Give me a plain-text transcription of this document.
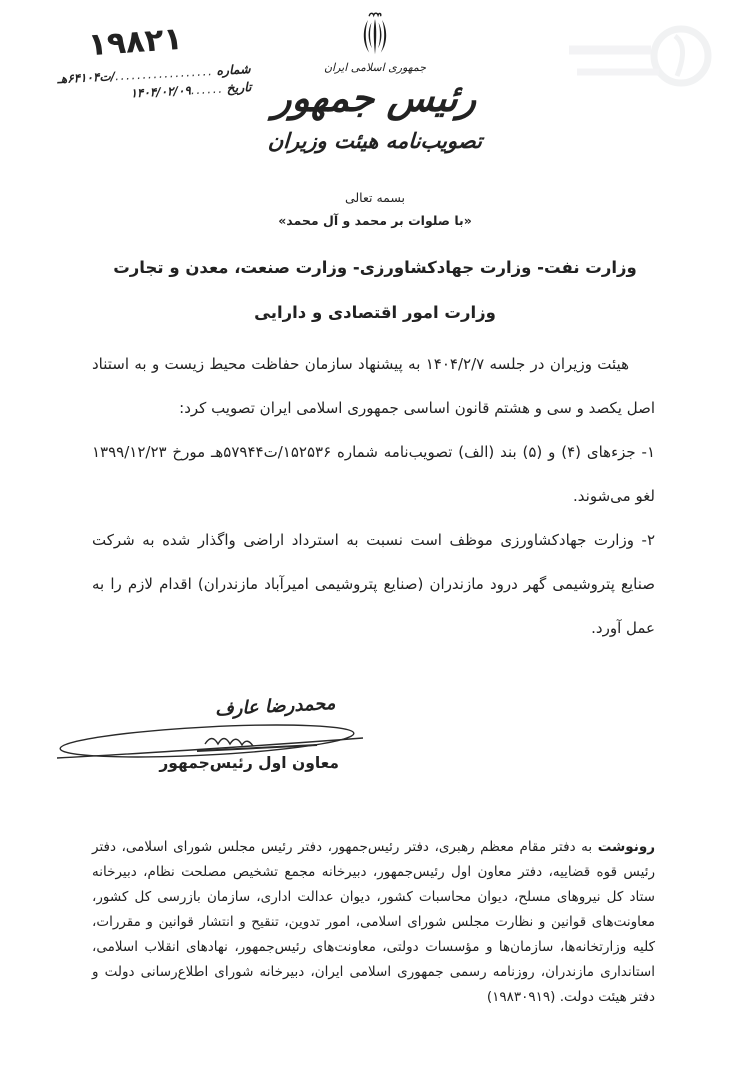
۱۹۸۲۱
شماره
..................
/ت۶۴۱۰۴هـ
تاریخ
......
۱۴۰۴/۰۲/۰۹
جمهوری اسلامی ایران
رئیس جمهور
تصویب‌نامه هیئت وزیران
بسمه تعالی
«با صلوات بر محمد و آل محمد»
وزارت نفت- وزارت جهادکشاورزی- وزارت صنعت، معدن و تجارت
وزارت امور اقتصادی و دارایی

هیئت وزیران در جلسه ۱۴۰۴/۲/۷ به پیشنهاد سازمان حفاظت محیط زیست و به استناد اصل یکصد و سی و هشتم قانون اساسی جمهوری اسلامی ایران تصویب کرد:

۱- جزءهای (۴) و (۵) بند (الف) تصویب‌نامه شماره ۱۵۲۵۳۶/ت۵۷۹۴۴هـ مورخ ۱۳۹۹/۱۲/۲۳ لغو می‌شوند.

۲- وزارت جهادکشاورزی موظف است نسبت به استرداد اراضی واگذار شده به شرکت صنایع پتروشیمی گهر درود مازندران (صنایع پتروشیمی امیرآباد مازندران) اقدام لازم را به عمل آورد.

محمدرضا عارف
معاون اول رئیس‌جمهور

رونوشت به دفتر مقام معظم رهبری، دفتر رئیس‌جمهور، دفتر رئیس مجلس شورای اسلامی، دفتر رئیس قوه قضاییه، دفتر معاون اول رئیس‌جمهور، دبیرخانه مجمع تشخیص مصلحت نظام، دبیرخانه ستاد کل نیروهای مسلح، دیوان محاسبات کشور، دیوان عدالت اداری، سازمان بازرسی کل کشور، معاونت‌های قوانین و نظارت مجلس شورای اسلامی، امور تدوین، تنقیح و انتشار قوانین و مقررات، کلیه وزارتخانه‌ها، سازمان‌ها و مؤسسات دولتی، معاونت‌های رئیس‌جمهور، نهادهای انقلاب اسلامی، استانداری مازندران، روزنامه رسمی جمهوری اسلامی ایران، دبیرخانه شورای اطلاع‌رسانی دولت و دفتر هیئت دولت. (۱۹۸۳۰۹۱۹)
